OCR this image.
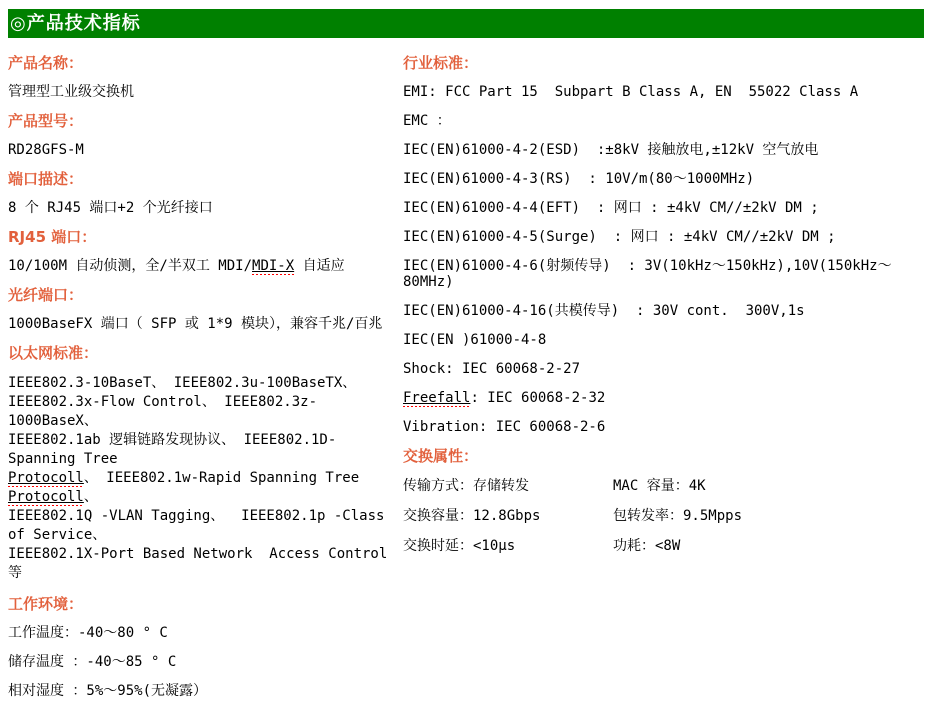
◎产品技术指标
产品名称：
管理型工业级交换机
产品型号：
RD28GFS-M
端口描述：
8 个 RJ45 端口+2 个光纤接口
RJ45 端口：
10/100M 自动侦测，全/半双工 MDI/MDI-X 自适应
光纤端口：
1000BaseFX 端口（ SFP 或 1*9 模块），兼容千兆/百兆
以太网标准：
IEEE802.3-10BaseT、 IEEE802.3u-100BaseTX、
IEEE802.3x-Flow Control、 IEEE802.3z-1000BaseX、
IEEE802.1ab 逻辑链路发现协议、 IEEE802.1D-Spanning Tree
Protocoll、 IEEE802.1w-Rapid Spanning Tree Protocoll、
IEEE802.1Q -VLAN Tagging、  IEEE802.1p -Class of Service、
IEEE802.1X-Port Based Network  Access Control 等
工作环境：
工作温度：-40～80 ° C
储存温度 ：-40～85 ° C
相对湿度 ：5%～95%(无凝露）
行业标准：
EMI: FCC Part 15  Subpart B Class A, EN  55022 Class A
EMC ：
IEC(EN)61000-4-2(ESD)  :±8kV 接触放电,±12kV 空气放电
IEC(EN)61000-4-3(RS)  : 10V/m(80～1000MHz)
IEC(EN)61000-4-4(EFT)  : 网口 : ±4kV CM//±2kV DM ;
IEC(EN)61000-4-5(Surge)  : 网口 : ±4kV CM//±2kV DM ;
IEC(EN)61000-4-6(射频传导)  : 3V(10kHz～150kHz),10V(150kHz～80MHz)
IEC(EN)61000-4-16(共模传导)  : 30V cont.  300V,1s
IEC(EN )61000-4-8
Shock: IEC 60068-2-27
Freefall: IEC 60068-2-32
Vibration: IEC 60068-2-6
交换属性：
传输方式：存储转发	MAC 容量：4K
交换容量：12.8Gbps	包转发率：9.5Mpps
交换时延：<10μs	功耗：<8W
